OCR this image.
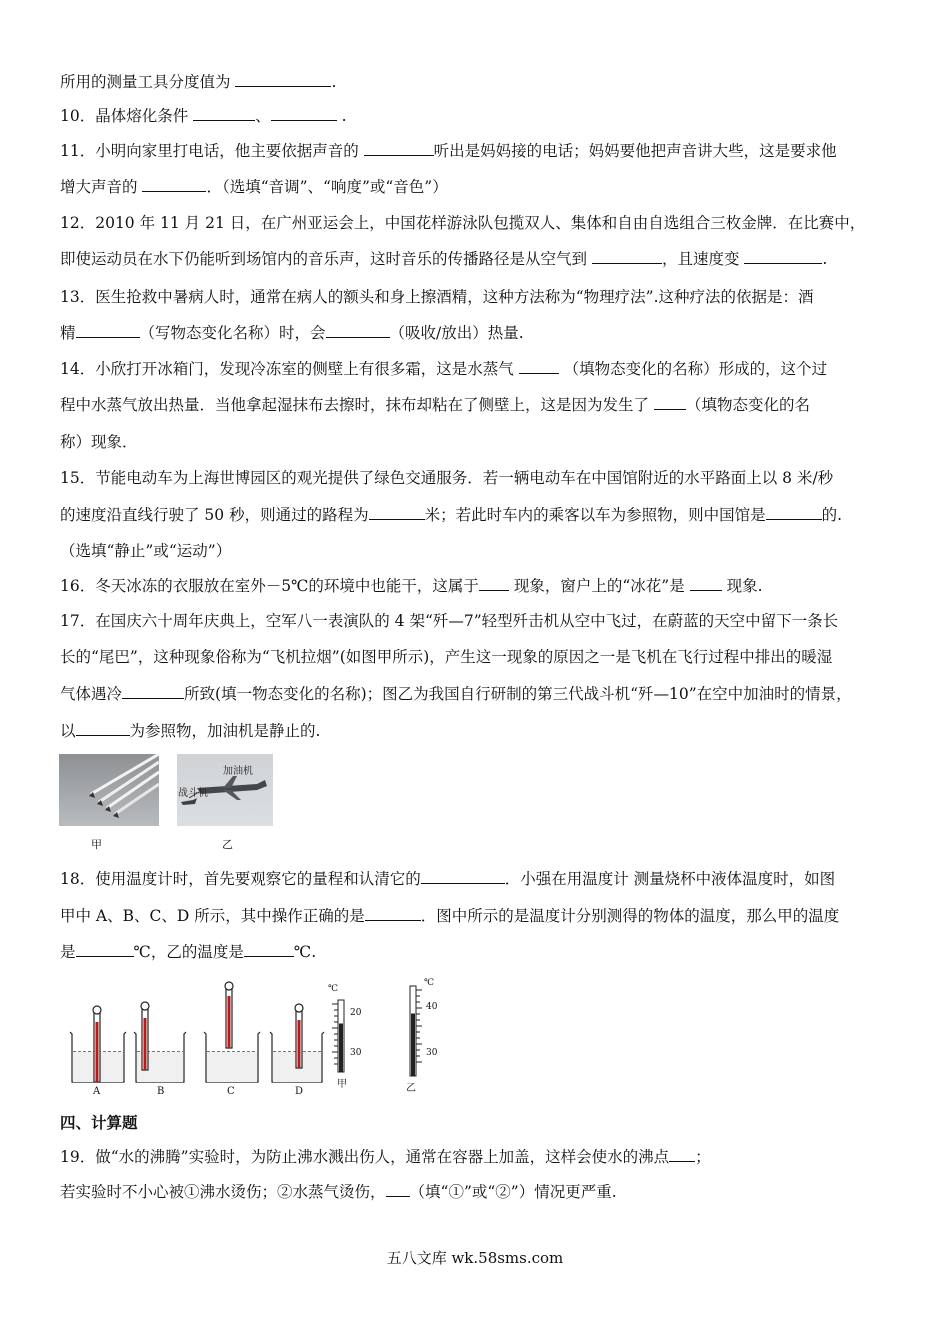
所用的测量工具分度值为	.
10．晶体熔化条件	、	.
11．小明向家里打电话，他主要依据声音的	听出是妈妈接的电话；妈妈要他把声音讲大些，这是要求他
增大声音的	．（选填“音调”、“响度”或“音色”）
12．2010 年 11 月 21 日，在广州亚运会上，中国花样游泳队包揽双人、集体和自由自选组合三枚金牌．在比赛中，
即使运动员在水下仍能听到场馆内的音乐声，这时音乐的传播路径是从空气到	，且速度变	.
13．医生抢救中暑病人时，通常在病人的额头和身上擦酒精，这种方法称为“物理疗法”.这种疗法的依据是：酒
精	（写物态变化名称）时，会	（吸收/放出）热量.
14．小欣打开冰箱门，发现冷冻室的侧壁上有很多霜，这是水蒸气	（填物态变化的名称）形成的，这个过
程中水蒸气放出热量．当他拿起湿抹布去擦时，抹布却粘在了侧壁上，这是因为发生了 （填物态变化的名
称）现象．
15．节能电动车为上海世博园区的观光提供了绿色交通服务．若一辆电动车在中国馆附近的水平路面上以 8 米/秒
的速度沿直线行驶了 50 秒，则通过的路程为	米；若此时车内的乘客以车为参照物，则中国馆是	的.
（选填“静止”或“运动”）
16．冬天冰冻的衣服放在室外－5℃的环境中也能干，这属于 现象，窗户上的“冰花”是  现象.
17．在国庆六十周年庆典上，空军八一表演队的 4 架“歼—7”轻型歼击机从空中飞过，在蔚蓝的天空中留下一条长
长的“尾巴”，这种现象俗称为“飞机拉烟”(如图甲所示)，产生这一现象的原因之一是飞机在飞行过程中排出的暖湿
气体遇冷	所致(填一物态变化的名称)；图乙为我国自行研制的第三代战斗机“歼—10”在空中加油时的情景，
以	为参照物，加油机是静止的.
加油机
战斗机
甲	乙
18．使用温度计时，首先要观察它的量程和认清它的	．小强在用温度计 测量烧杯中液体温度时，如图
甲中 A、B、C、D 所示，其中操作正确的是	．图中所示的是温度计分别测得的物体的温度，那么甲的温度
是	℃，乙的温度是	℃.
A	B	C	D
℃
20
30
甲
℃
40
30
乙
四、计算题
19．做“水的沸腾”实验时，为防止沸水溅出伤人，通常在容器上加盖，这样会使水的沸点 ；
若实验时不小心被①沸水烫伤；②水蒸气烫伤， （填“①”或“②”）情况更严重.
五八文库 wk.58sms.com
